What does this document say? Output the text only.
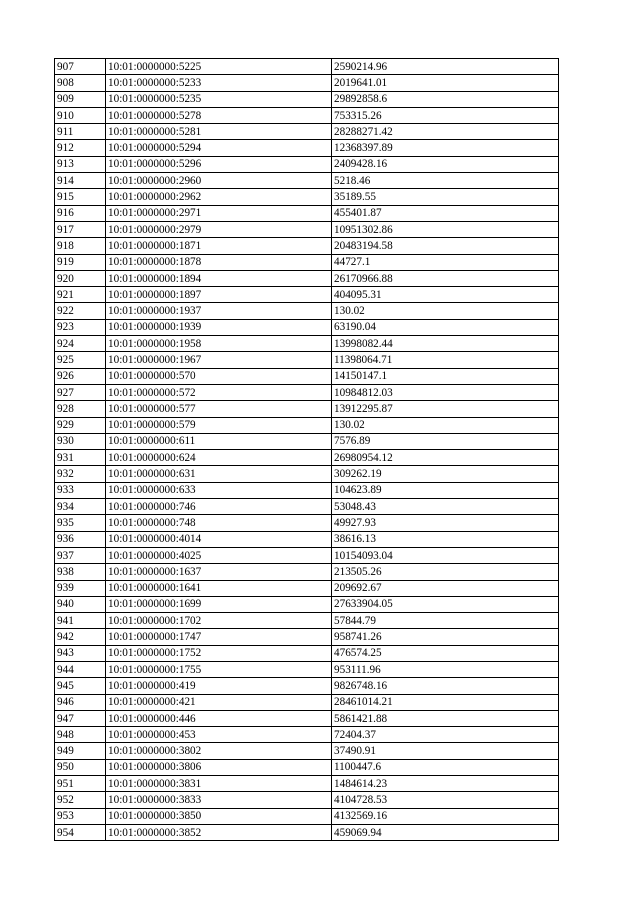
907	10:01:0000000:5225	2590214.96
908	10:01:0000000:5233	2019641.01
909	10:01:0000000:5235	29892858.6
910	10:01:0000000:5278	753315.26
911	10:01:0000000:5281	28288271.42
912	10:01:0000000:5294	12368397.89
913	10:01:0000000:5296	2409428.16
914	10:01:0000000:2960	5218.46
915	10:01:0000000:2962	35189.55
916	10:01:0000000:2971	455401.87
917	10:01:0000000:2979	10951302.86
918	10:01:0000000:1871	20483194.58
919	10:01:0000000:1878	44727.1
920	10:01:0000000:1894	26170966.88
921	10:01:0000000:1897	404095.31
922	10:01:0000000:1937	130.02
923	10:01:0000000:1939	63190.04
924	10:01:0000000:1958	13998082.44
925	10:01:0000000:1967	11398064.71
926	10:01:0000000:570	14150147.1
927	10:01:0000000:572	10984812.03
928	10:01:0000000:577	13912295.87
929	10:01:0000000:579	130.02
930	10:01:0000000:611	7576.89
931	10:01:0000000:624	26980954.12
932	10:01:0000000:631	309262.19
933	10:01:0000000:633	104623.89
934	10:01:0000000:746	53048.43
935	10:01:0000000:748	49927.93
936	10:01:0000000:4014	38616.13
937	10:01:0000000:4025	10154093.04
938	10:01:0000000:1637	213505.26
939	10:01:0000000:1641	209692.67
940	10:01:0000000:1699	27633904.05
941	10:01:0000000:1702	57844.79
942	10:01:0000000:1747	958741.26
943	10:01:0000000:1752	476574.25
944	10:01:0000000:1755	953111.96
945	10:01:0000000:419	9826748.16
946	10:01:0000000:421	28461014.21
947	10:01:0000000:446	5861421.88
948	10:01:0000000:453	72404.37
949	10:01:0000000:3802	37490.91
950	10:01:0000000:3806	1100447.6
951	10:01:0000000:3831	1484614.23
952	10:01:0000000:3833	4104728.53
953	10:01:0000000:3850	4132569.16
954	10:01:0000000:3852	459069.94
